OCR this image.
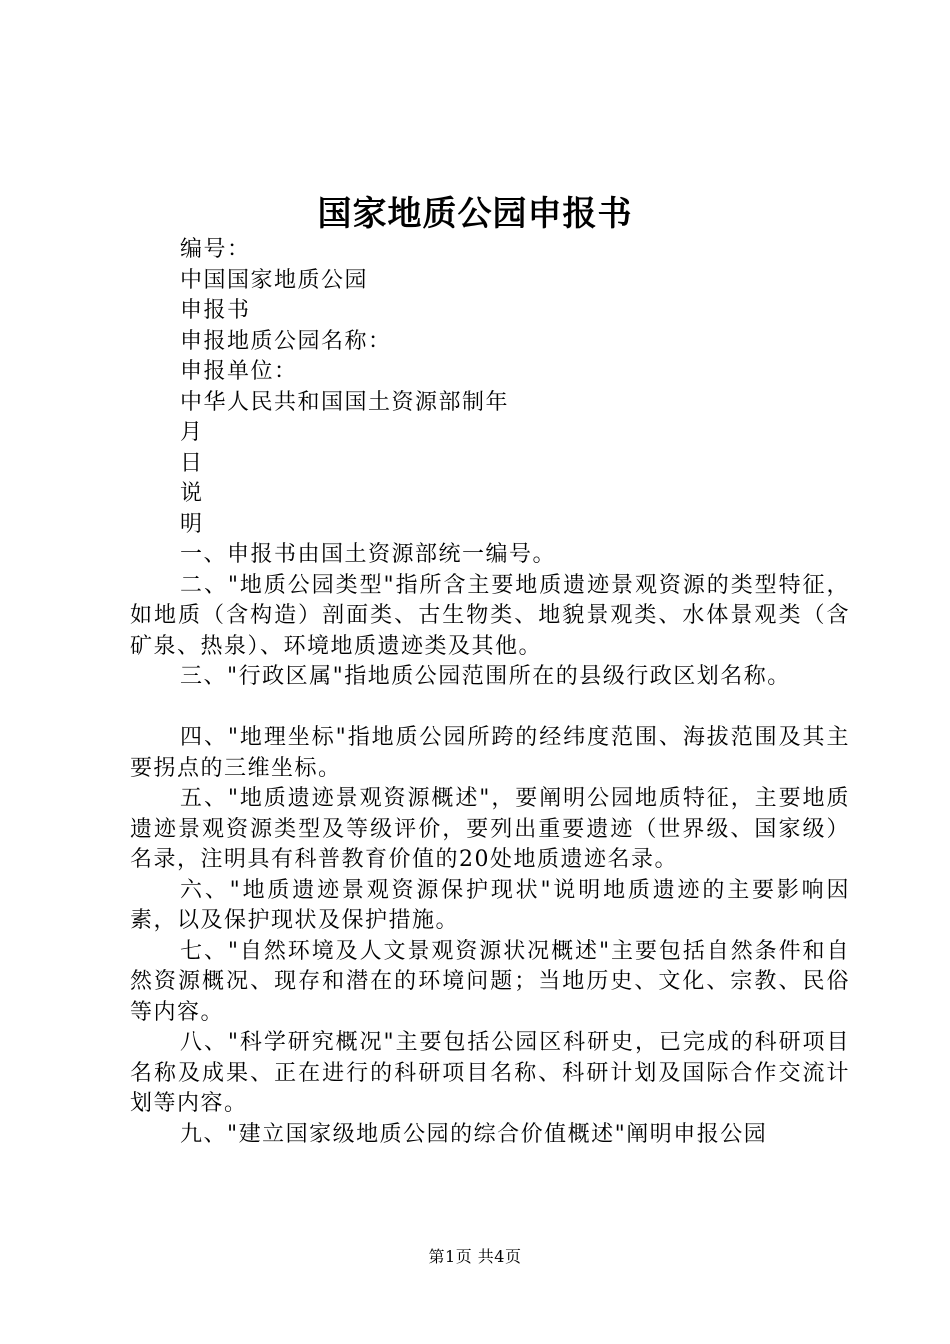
国家地质公园申报书
编号：
中国国家地质公园
申报书
申报地质公园名称：
申报单位：
中华人民共和国国土资源部制年
月
日
说
明
一、申报书由国土资源部统一编号。
二、"地质公园类型"指所含主要地质遗迹景观资源的类型特征，如地质（含构造）剖面类、古生物类、地貌景观类、水体景观类（含矿泉、热泉）、环境地质遗迹类及其他。
三、"行政区属"指地质公园范围所在的县级行政区划名称。
四、"地理坐标"指地质公园所跨的经纬度范围、海拔范围及其主要拐点的三维坐标。
五、"地质遗迹景观资源概述"，要阐明公园地质特征，主要地质遗迹景观资源类型及等级评价，要列出重要遗迹（世界级、国家级）名录，注明具有科普教育价值的20处地质遗迹名录。
六、"地质遗迹景观资源保护现状"说明地质遗迹的主要影响因素，以及保护现状及保护措施。
七、"自然环境及人文景观资源状况概述"主要包括自然条件和自然资源概况、现存和潜在的环境问题；当地历史、文化、宗教、民俗等内容。
八、"科学研究概况"主要包括公园区科研史，已完成的科研项目名称及成果、正在进行的科研项目名称、科研计划及国际合作交流计划等内容。
九、"建立国家级地质公园的综合价值概述"阐明申报公园
第1页 共4页
